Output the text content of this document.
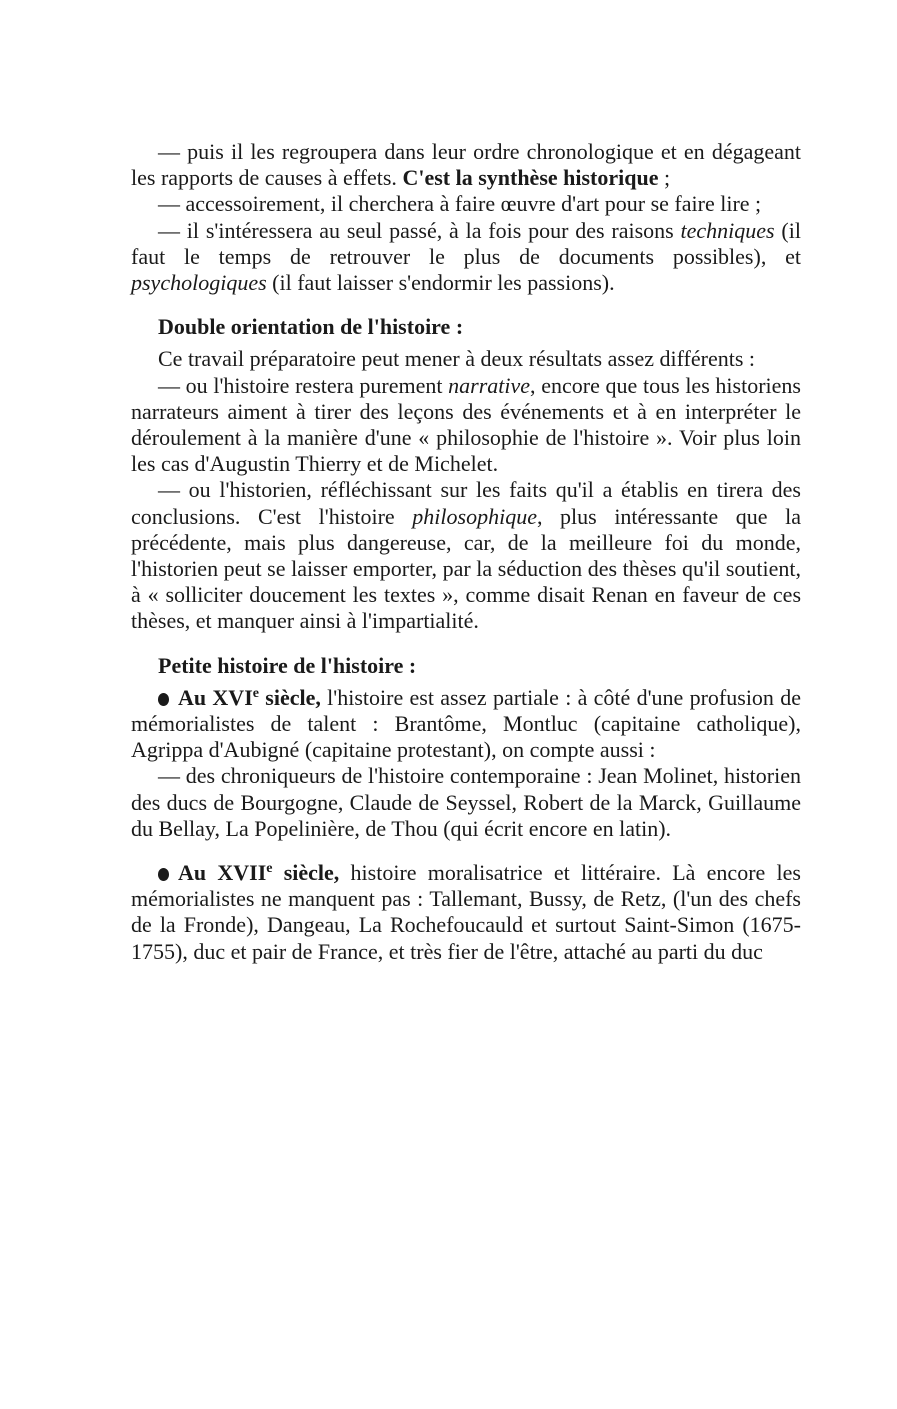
— puis il les regroupera dans leur ordre chronologique et en dégageant les rapports de causes à effets. C'est la synthèse historique ;

— accessoirement, il cherchera à faire œuvre d'art pour se faire lire ;

— il s'intéressera au seul passé, à la fois pour des raisons techniques (il faut le temps de retrouver le plus de documents possibles), et psychologiques (il faut laisser s'endormir les passions).

Double orientation de l'histoire :

Ce travail préparatoire peut mener à deux résultats assez différents :

— ou l'histoire restera purement narrative, encore que tous les historiens narrateurs aiment à tirer des leçons des événements et à en interpréter le déroulement à la manière d'une « philosophie de l'histoire ». Voir plus loin les cas d'Augustin Thierry et de Michelet.

— ou l'historien, réfléchissant sur les faits qu'il a établis en tirera des conclusions. C'est l'histoire philosophique, plus intéressante que la précédente, mais plus dangereuse, car, de la meilleure foi du monde, l'historien peut se laisser emporter, par la séduction des thèses qu'il soutient, à « solliciter doucement les textes », comme disait Renan en faveur de ces thèses, et manquer ainsi à l'impartialité.

Petite histoire de l'histoire :

Au XVIe siècle, l'histoire est assez partiale : à côté d'une profusion de mémorialistes de talent : Brantôme, Montluc (capitaine catholique), Agrippa d'Aubigné (capitaine protestant), on compte aussi :

— des chroniqueurs de l'histoire contemporaine : Jean Molinet, historien des ducs de Bourgogne, Claude de Seyssel, Robert de la Marck, Guillaume du Bellay, La Popelinière, de Thou (qui écrit encore en latin).

Au XVIIe siècle, histoire moralisatrice et littéraire. Là encore les mémorialistes ne manquent pas : Tallemant, Bussy, de Retz, (l'un des chefs de la Fronde), Dangeau, La Rochefoucauld et surtout Saint-Simon (1675-1755), duc et pair de France, et très fier de l'être, attaché au parti du duc
